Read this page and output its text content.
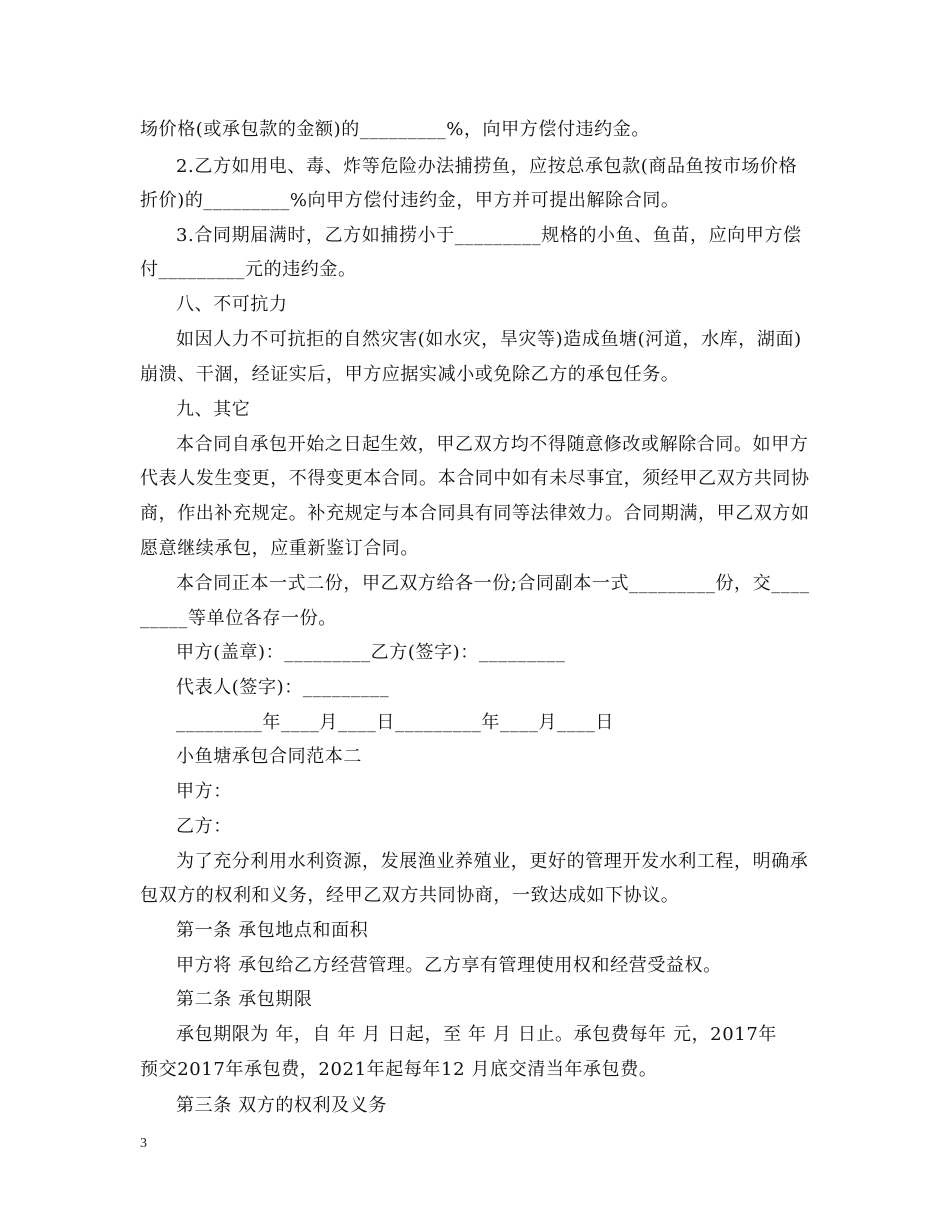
场价格(或承包款的金额)的_________%，向甲方偿付违约金。
2.乙方如用电、毒、炸等危险办法捕捞鱼，应按总承包款(商品鱼按市场价格
折价)的_________%向甲方偿付违约金，甲方并可提出解除合同。
3.合同期届满时，乙方如捕捞小于_________规格的小鱼、鱼苗，应向甲方偿
付_________元的违约金。
八、不可抗力
如因人力不可抗拒的自然灾害(如水灾，旱灾等)造成鱼塘(河道，水库，湖面)
崩溃、干涸，经证实后，甲方应据实减小或免除乙方的承包任务。
九、其它
本合同自承包开始之日起生效，甲乙双方均不得随意修改或解除合同。如甲方
代表人发生变更，不得变更本合同。本合同中如有未尽事宜，须经甲乙双方共同协
商，作出补充规定。补充规定与本合同具有同等法律效力。合同期满，甲乙双方如
愿意继续承包，应重新鉴订合同。
本合同正本一式二份，甲乙双方给各一份;合同副本一式_________份，交____
_____等单位各存一份。
甲方(盖章)：_________乙方(签字)：_________
代表人(签字)：_________
_________年____月____日_________年____月____日
小鱼塘承包合同范本二
甲方：
乙方：
为了充分利用水利资源，发展渔业养殖业，更好的管理开发水利工程，明确承
包双方的权利和义务，经甲乙双方共同协商，一致达成如下协议。
第一条 承包地点和面积
甲方将 承包给乙方经营管理。乙方享有管理使用权和经营受益权。
第二条 承包期限
承包期限为 年，自 年 月 日起，至 年 月 日止。承包费每年 元，2017年
预交2017年承包费，2021年起每年12 月底交清当年承包费。
第三条 双方的权利及义务
3
